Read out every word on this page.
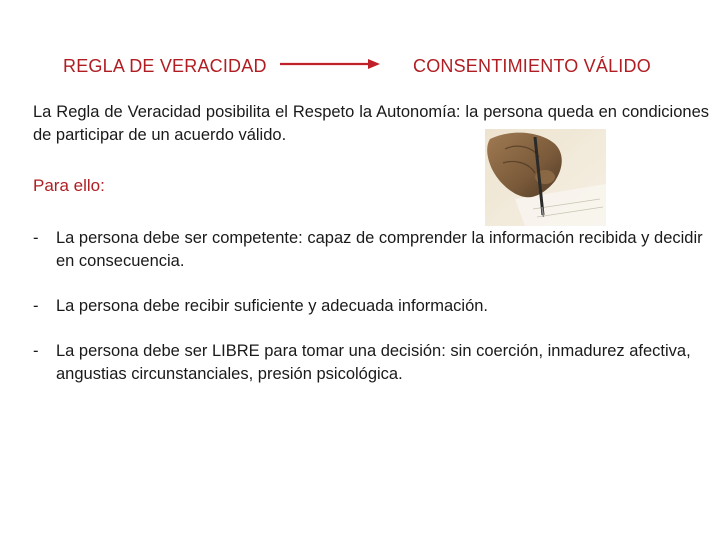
REGLA DE VERACIDAD	CONSENTIMIENTO VÁLIDO
La Regla de Veracidad posibilita el Respeto la Autonomía: la persona queda en condiciones de participar de un acuerdo válido.
Para ello:
- La persona debe ser competente: capaz de comprender la información recibida y decidir en consecuencia.
- La persona debe recibir suficiente y adecuada información.
- La persona debe ser LIBRE para tomar una decisión: sin coerción, inmadurez afectiva, angustias circunstanciales, presión psicológica.
